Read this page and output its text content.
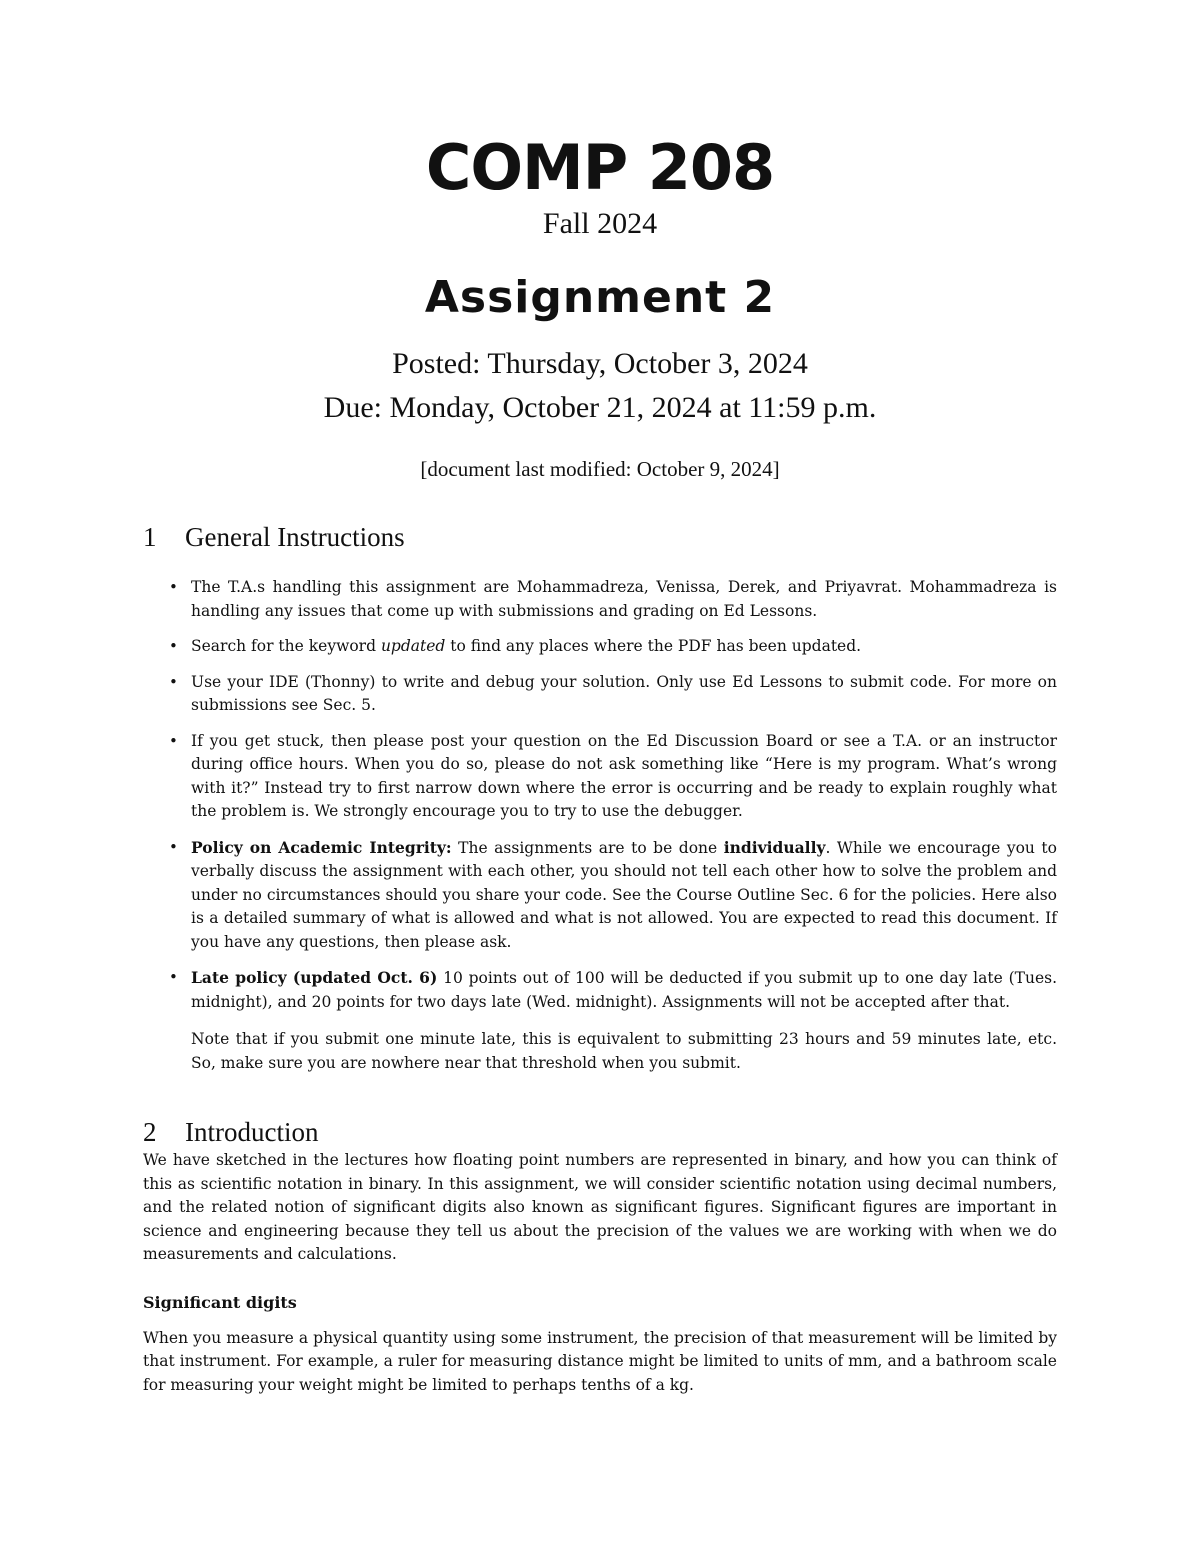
COMP 208
Fall 2024
Assignment 2
Posted: Thursday, October 3, 2024
Due: Monday, October 21, 2024 at 11:59 p.m.
[document last modified: October 9, 2024]
1 General Instructions
• The T.A.s handling this assignment are Mohammadreza, Venissa, Derek, and Priyavrat. Mohammadreza is handling any issues that come up with submissions and grading on Ed Lessons.
• Search for the keyword updated to find any places where the PDF has been updated.
• Use your IDE (Thonny) to write and debug your solution. Only use Ed Lessons to submit code. For more on submissions see Sec. 5.
• If you get stuck, then please post your question on the Ed Discussion Board or see a T.A. or an instructor during office hours. When you do so, please do not ask something like “Here is my program. What’s wrong with it?” Instead try to first narrow down where the error is occurring and be ready to explain roughly what the problem is. We strongly encourage you to try to use the debugger.
• Policy on Academic Integrity: The assignments are to be done individually. While we encourage you to verbally discuss the assignment with each other, you should not tell each other how to solve the problem and under no circumstances should you share your code. See the Course Outline Sec. 6 for the policies. Here also is a detailed summary of what is allowed and what is not allowed. You are expected to read this document. If you have any questions, then please ask.
• Late policy (updated Oct. 6) 10 points out of 100 will be deducted if you submit up to one day late (Tues. midnight), and 20 points for two days late (Wed. midnight). Assignments will not be accepted after that.
Note that if you submit one minute late, this is equivalent to submitting 23 hours and 59 minutes late, etc. So, make sure you are nowhere near that threshold when you submit.
2 Introduction

We have sketched in the lectures how floating point numbers are represented in binary, and how you can think of this as scientific notation in binary. In this assignment, we will consider scientific notation using decimal numbers, and the related notion of significant digits also known as significant figures. Significant figures are important in science and engineering because they tell us about the precision of the values we are working with when we do measurements and calculations.

Significant digits

When you measure a physical quantity using some instrument, the precision of that measurement will be limited by that instrument. For example, a ruler for measuring distance might be limited to units of mm, and a bathroom scale for measuring your weight might be limited to perhaps tenths of a kg.
